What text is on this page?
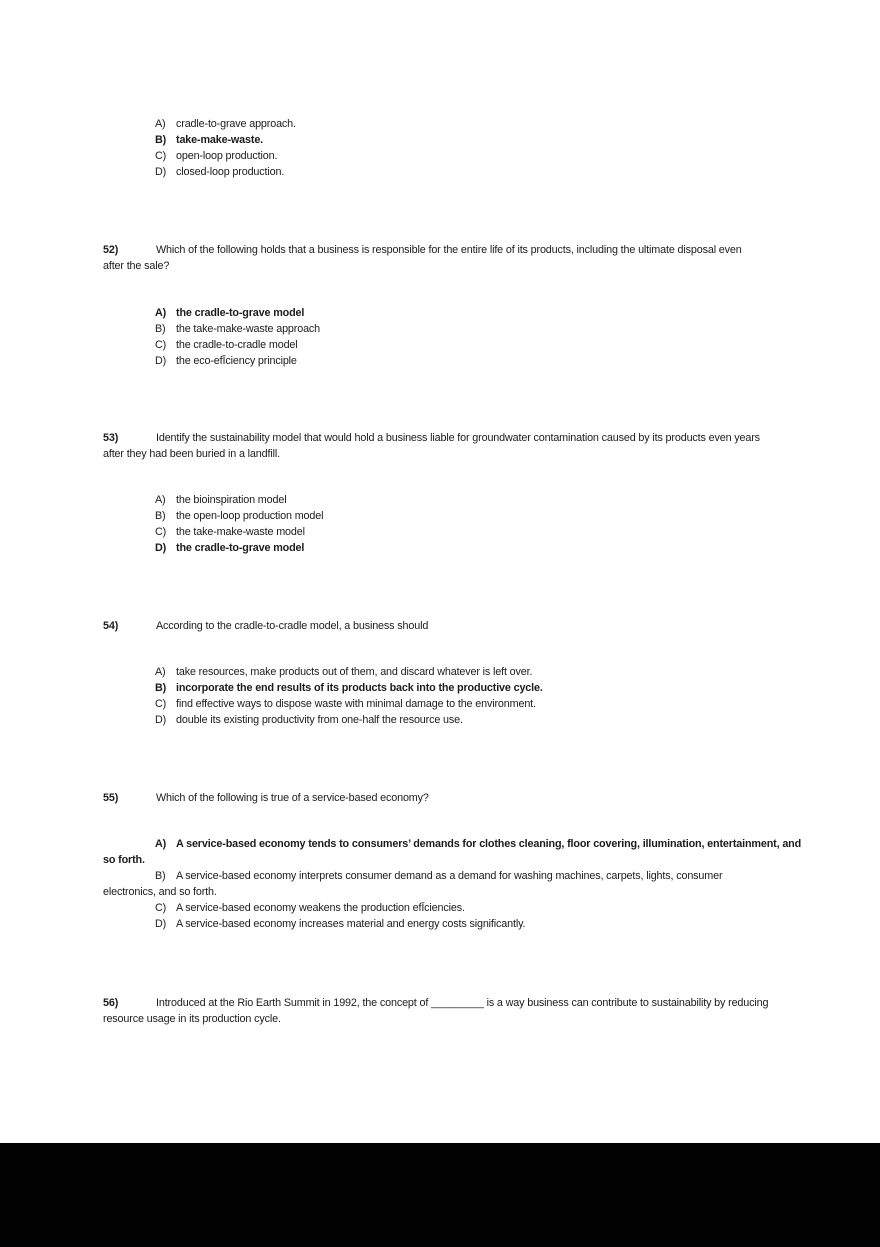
A) cradle-to-grave approach.
B) take-make-waste.
C) open-loop production.
D) closed-loop production.
52)	Which of the following holds that a business is responsible for the entire life of its products, including the ultimate disposal even
after the sale?
A) the cradle-to-grave model
B) the take-make-waste approach
C) the cradle-to-cradle model
D) the eco-efĪciency principle
53)	Identify the sustainability model that would hold a business liable for groundwater contamination caused by its products even years
after they had been buried in a landfill.
A) the bioinspiration model
B) the open-loop production model
C) the take-make-waste model
D) the cradle-to-grave model
54)	According to the cradle-to-cradle model, a business should
A) take resources, make products out of them, and discard whatever is left over.
B) incorporate the end results of its products back into the productive cycle.
C) find effective ways to dispose waste with minimal damage to the environment.
D) double its existing productivity from one-half the resource use.
55)	Which of the following is true of a service-based economy?
A) A service-based economy tends to consumers’ demands for clothes cleaning, floor covering, illumination, entertainment, and
so forth.
B) A service-based economy interprets consumer demand as a demand for washing machines, carpets, lights, consumer
electronics, and so forth.
C) A service-based economy weakens the production efĪciencies.
D) A service-based economy increases material and energy costs significantly.
56)	Introduced at the Rio Earth Summit in 1992, the concept of _________ is a way business can contribute to sustainability by reducing
resource usage in its production cycle.
